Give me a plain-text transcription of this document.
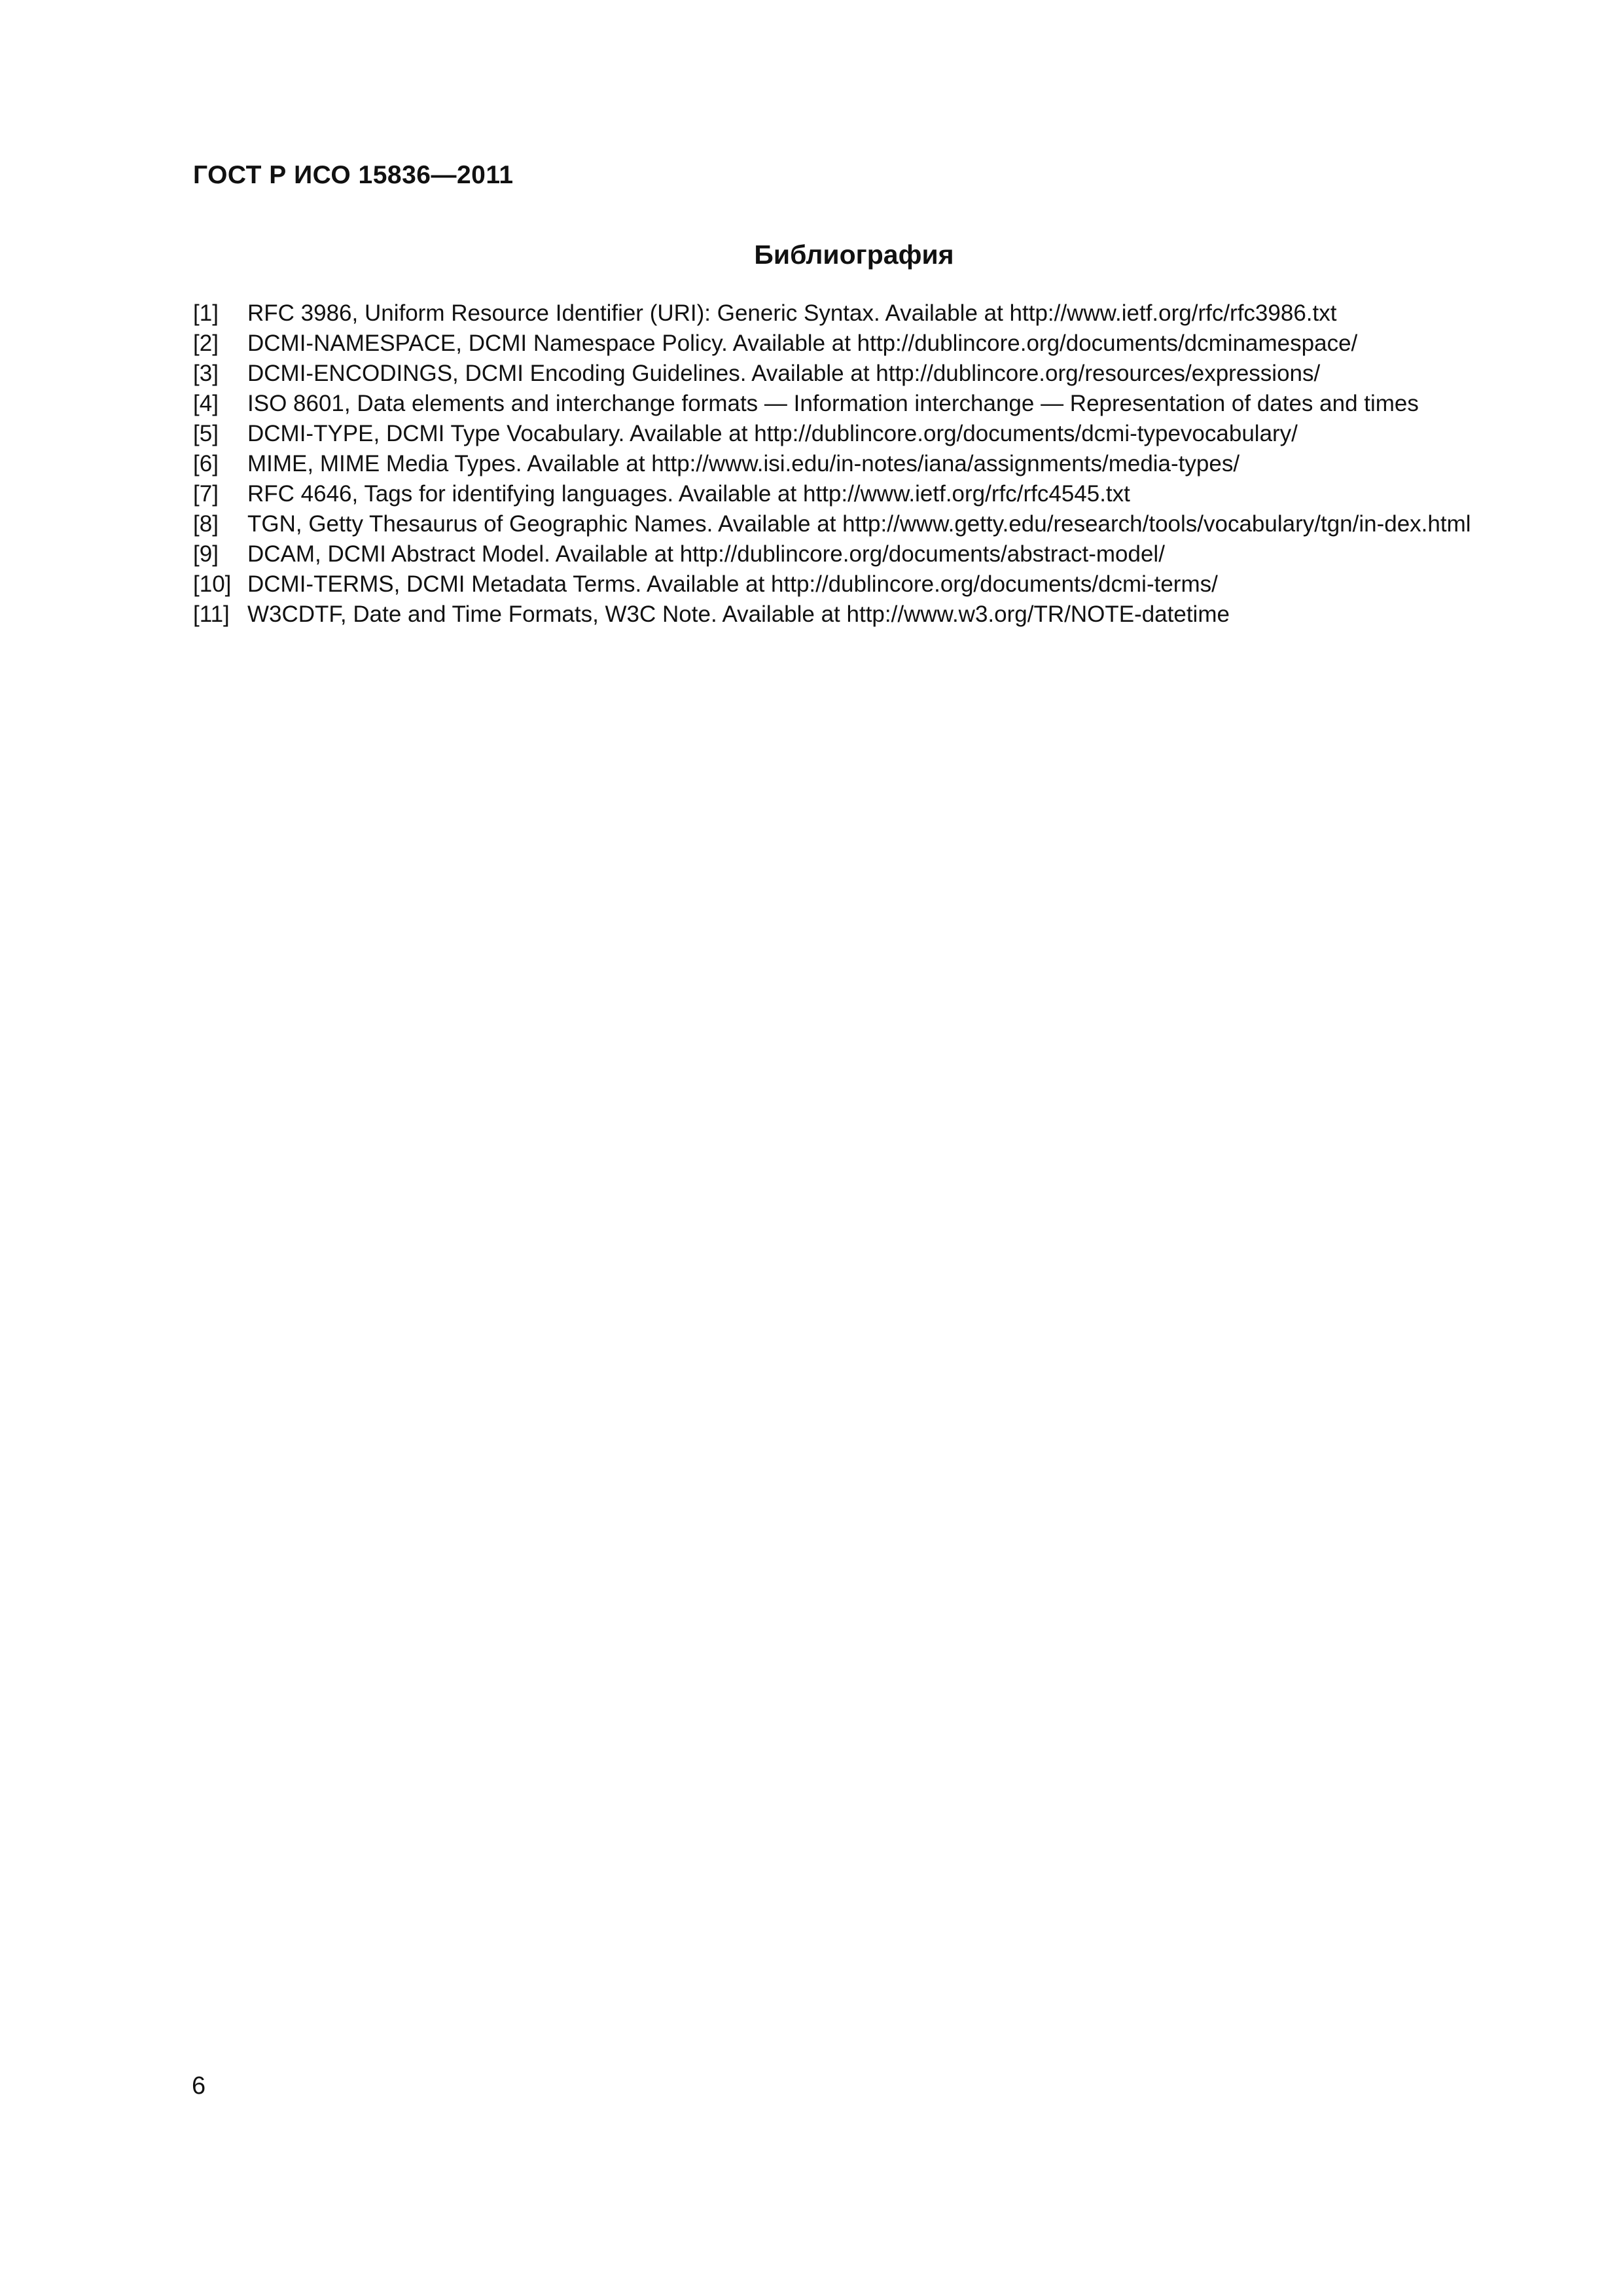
ГОСТ Р ИСО 15836—2011
Библиография
[1]	RFC 3986, Uniform Resource Identifier (URI): Generic Syntax. Available at http://www.ietf.org/rfc/rfc3986.txt
[2]	DCMI-NAMESPACE, DCMI Namespace Policy. Available at http://dublincore.org/documents/dcminamespace/
[3]	DCMI-ENCODINGS, DCMI Encoding Guidelines. Available at http://dublincore.org/resources/expressions/
[4]	ISO 8601, Data elements and interchange formats — Information interchange — Representation of dates and times
[5]	DCMI-TYPE, DCMI Type Vocabulary. Available at http://dublincore.org/documents/dcmi-typevocabulary/
[6]	MIME, MIME Media Types. Available at http://www.isi.edu/in-notes/iana/assignments/media-types/
[7]	RFC 4646, Tags for identifying languages. Available at http://www.ietf.org/rfc/rfc4545.txt
[8]	TGN, Getty Thesaurus of Geographic Names. Available at http://www.getty.edu/research/tools/vocabulary/tgn/in-dex.html
[9]	DCAM, DCMI Abstract Model. Available at http://dublincore.org/documents/abstract-model/
[10] DCMI-TERMS, DCMI Metadata Terms. Available at http://dublincore.org/documents/dcmi-terms/
[11] W3CDTF, Date and Time Formats, W3C Note. Available at http://www.w3.org/TR/NOTE-datetime
6
